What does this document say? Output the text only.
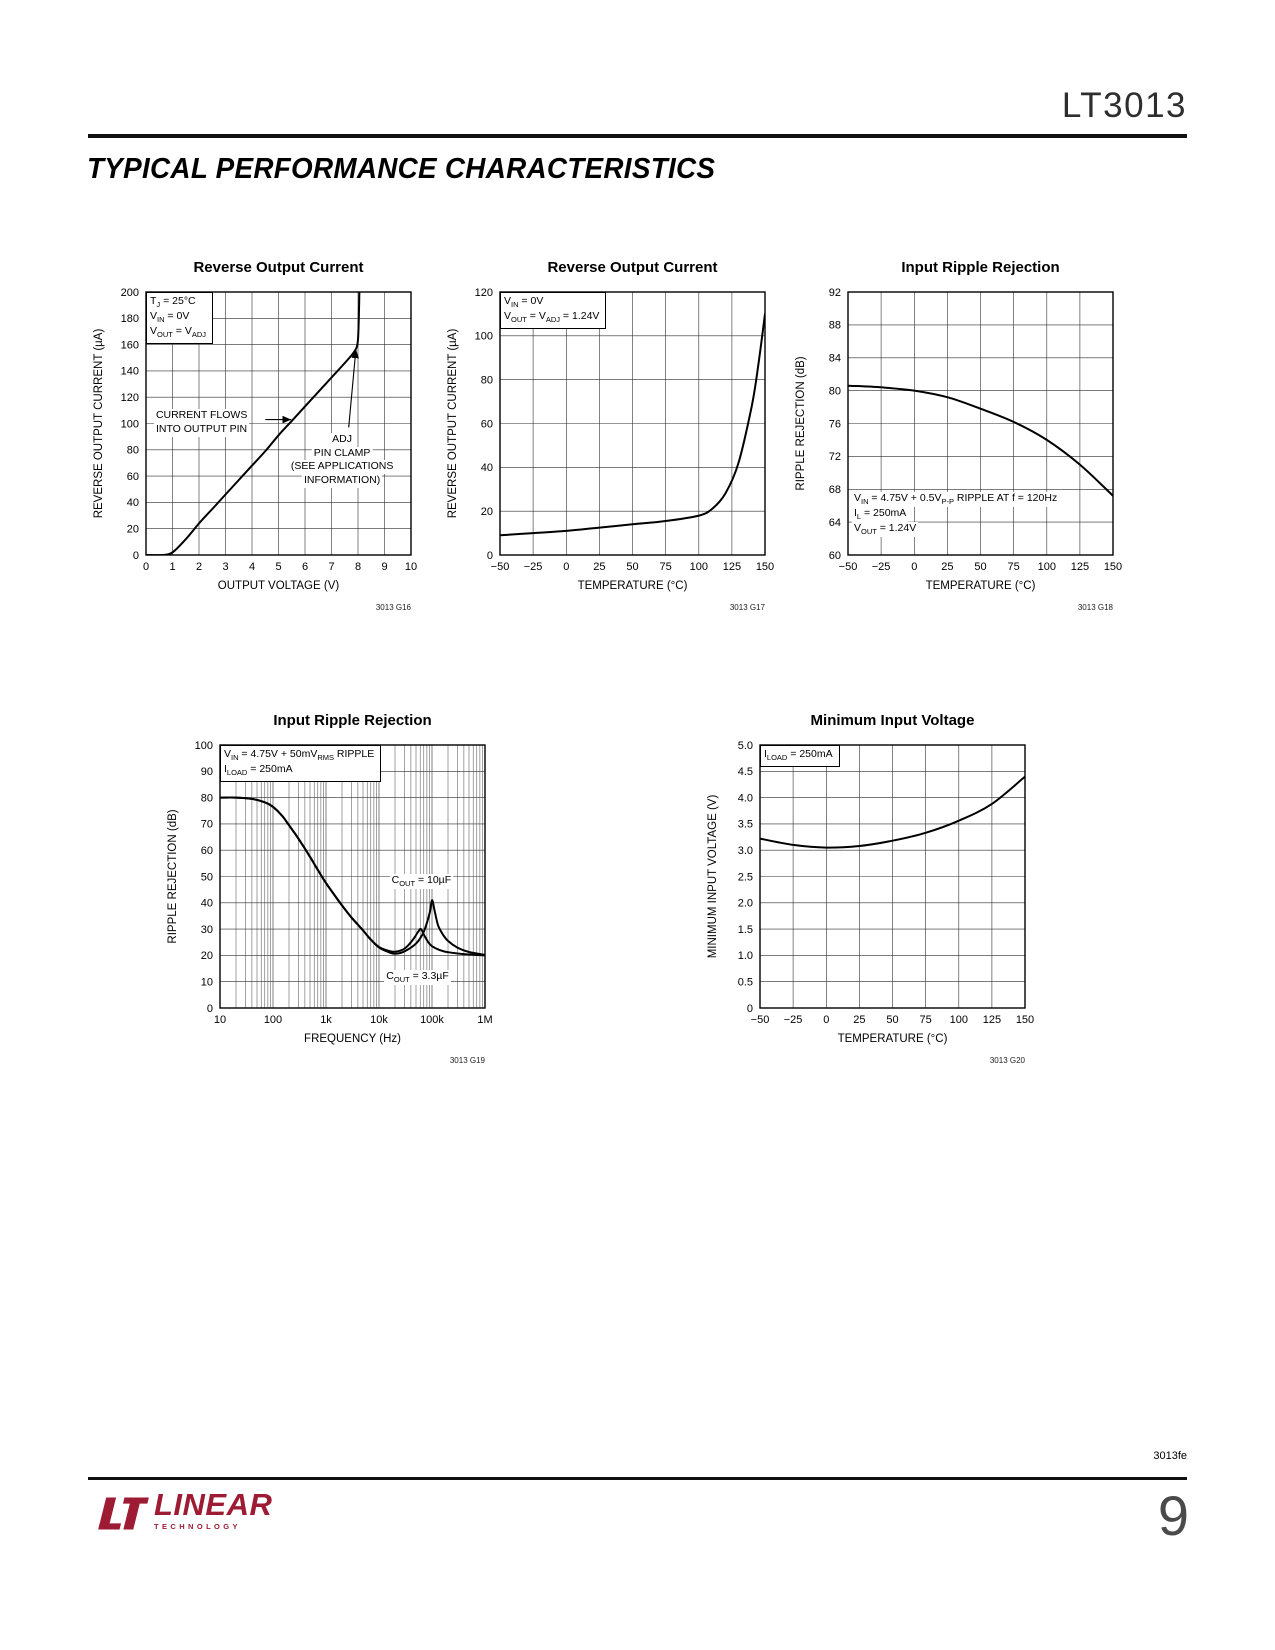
LT3013
TYPICAL PERFORMANCE CHARACTERISTICS
Reverse Output Current
0 1 2 3 4 5 6 7 8 9 10
0
20
40
60
80
100
120
140
160
180
200
OUTPUT VOLTAGE (V)
REVERSE OUTPUT CURRENT (µA)
3013 G16
$T_J = 25^\circ C$
$V_{IN} = 0V$
$V_{OUT} = V_{ADJ}$
CURRENT FLOWS
INTO OUTPUT PIN
ADJ
PIN CLAMP
(SEE APPLICATIONS
INFORMATION)
Reverse Output Current
−50 −25 0 25 50 75 100 125 150
0
20
40
60
80
100
120
TEMPERATURE (°C)
REVERSE OUTPUT CURRENT (µA)
3013 G17
$V_{IN} = 0V$
$V_{OUT} = V_{ADJ} = 1.24V$
Input Ripple Rejection
−50 −25 0 25 50 75 100 125 150
60
64
68
72
76
80
84
88
92
TEMPERATURE (°C)
RIPPLE REJECTION (dB)
3013 G18
$V_{IN} = 4.75V + 0.5V_{P-P}$ RIPPLE AT f = 120Hz
$I_L = 250mA$
$V_{OUT} = 1.24V$
Input Ripple Rejection
10	100	1k	10k	100k	1M
0
10
20
30
40
50
60
70
80
90
100
FREQUENCY (Hz)
RIPPLE REJECTION (dB)
3013 G19
$V_{IN} = 4.75V + 50mV_{RMS}$ RIPPLE
$I_{LOAD} = 250mA$
$C_{OUT} = 10\mu F$
$C_{OUT} = 3.3\mu F$
Minimum Input Voltage
−50 −25 0 25 50 75 100 125 150
0
0.5
1.0
1.5
2.0
2.5
3.0
3.5
4.0
4.5
5.0
TEMPERATURE (°C)
MINIMUM INPUT VOLTAGE (V)
3013 G20
$I_{LOAD} = 250mA$
3013fe
LINEAR
TECHNOLOGY	9
